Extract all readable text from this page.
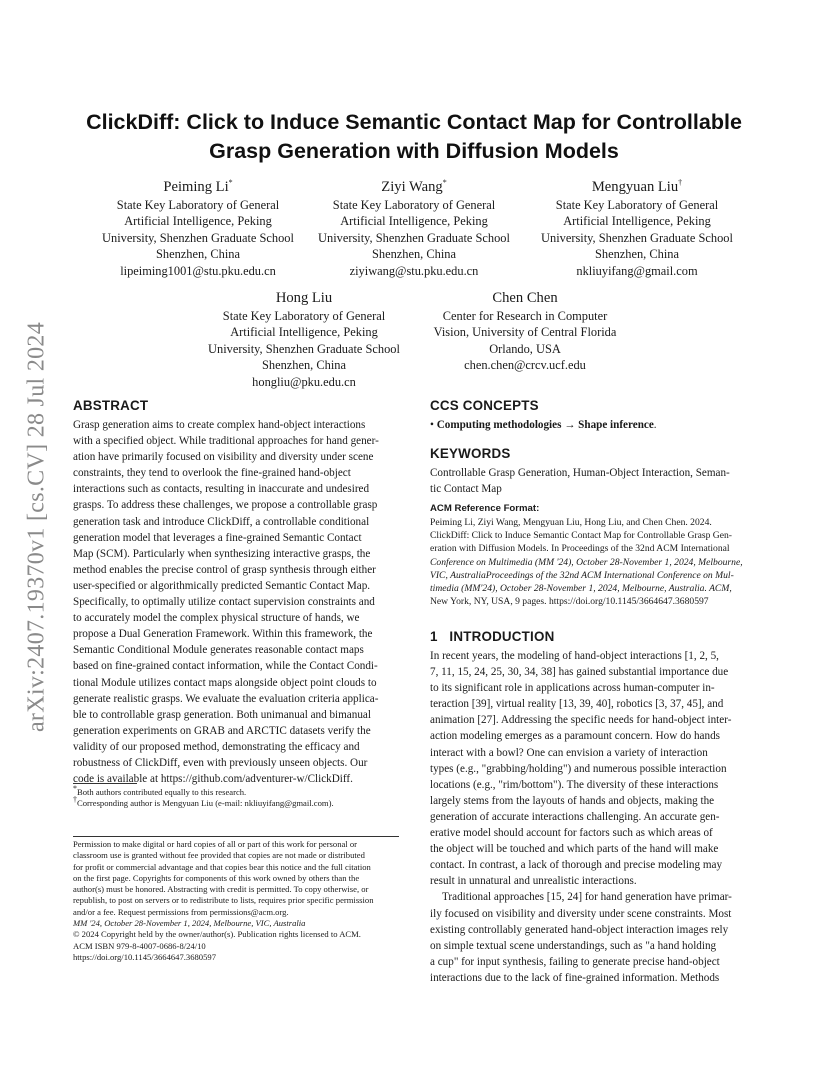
arXiv:2407.19370v1 [cs.CV] 28 Jul 2024
ClickDiff: Click to Induce Semantic Contact Map for Controllable
Grasp Generation with Diffusion Models
Peiming Li*
State Key Laboratory of General
Artificial Intelligence, Peking
University, Shenzhen Graduate School
Shenzhen, China
lipeiming1001@stu.pku.edu.cn
Ziyi Wang*
State Key Laboratory of General
Artificial Intelligence, Peking
University, Shenzhen Graduate School
Shenzhen, China
ziyiwang@stu.pku.edu.cn
Mengyuan Liu†
State Key Laboratory of General
Artificial Intelligence, Peking
University, Shenzhen Graduate School
Shenzhen, China
nkliuyifang@gmail.com
Hong Liu
State Key Laboratory of General
Artificial Intelligence, Peking
University, Shenzhen Graduate School
Shenzhen, China
hongliu@pku.edu.cn
Chen Chen
Center for Research in Computer
Vision, University of Central Florida
Orlando, USA
chen.chen@crcv.ucf.edu
ABSTRACT
Grasp generation aims to create complex hand-object interactions
with a specified object. While traditional approaches for hand gener-
ation have primarily focused on visibility and diversity under scene
constraints, they tend to overlook the fine-grained hand-object
interactions such as contacts, resulting in inaccurate and undesired
grasps. To address these challenges, we propose a controllable grasp
generation task and introduce ClickDiff, a controllable conditional
generation model that leverages a fine-grained Semantic Contact
Map (SCM). Particularly when synthesizing interactive grasps, the
method enables the precise control of grasp synthesis through either
user-specified or algorithmically predicted Semantic Contact Map.
Specifically, to optimally utilize contact supervision constraints and
to accurately model the complex physical structure of hands, we
propose a Dual Generation Framework. Within this framework, the
Semantic Conditional Module generates reasonable contact maps
based on fine-grained contact information, while the Contact Condi-
tional Module utilizes contact maps alongside object point clouds to
generate realistic grasps. We evaluate the evaluation criteria applica-
ble to controllable grasp generation. Both unimanual and bimanual
generation experiments on GRAB and ARCTIC datasets verify the
validity of our proposed method, demonstrating the efficacy and
robustness of ClickDiff, even with previously unseen objects. Our
code is available at https://github.com/adventurer-w/ClickDiff.
*Both authors contributed equally to this research.
†Corresponding author is Mengyuan Liu (e-mail: nkliuyifang@gmail.com).
Permission to make digital or hard copies of all or part of this work for personal or
classroom use is granted without fee provided that copies are not made or distributed
for profit or commercial advantage and that copies bear this notice and the full citation
on the first page. Copyrights for components of this work owned by others than the
author(s) must be honored. Abstracting with credit is permitted. To copy otherwise, or
republish, to post on servers or to redistribute to lists, requires prior specific permission
and/or a fee. Request permissions from permissions@acm.org.
MM '24, October 28-November 1, 2024, Melbourne, VIC, Australia
© 2024 Copyright held by the owner/author(s). Publication rights licensed to ACM.
ACM ISBN 979-8-4007-0686-8/24/10
https://doi.org/10.1145/3664647.3680597
CCS CONCEPTS
• Computing methodologies → Shape inference.
KEYWORDS
Controllable Grasp Generation, Human-Object Interaction, Seman-
tic Contact Map
ACM Reference Format:
Peiming Li, Ziyi Wang, Mengyuan Liu, Hong Liu, and Chen Chen. 2024.
ClickDiff: Click to Induce Semantic Contact Map for Controllable Grasp Gen-
eration with Diffusion Models. In Proceedings of the 32nd ACM International
Conference on Multimedia (MM '24), October 28-November 1, 2024, Melbourne,
VIC, AustraliaProceedings of the 32nd ACM International Conference on Mul-
timedia (MM'24), October 28-November 1, 2024, Melbourne, Australia. ACM,
New York, NY, USA, 9 pages. https://doi.org/10.1145/3664647.3680597
1   INTRODUCTION
In recent years, the modeling of hand-object interactions [1, 2, 5,
7, 11, 15, 24, 25, 30, 34, 38] has gained substantial importance due
to its significant role in applications across human-computer in-
teraction [39], virtual reality [13, 39, 40], robotics [3, 37, 45], and
animation [27]. Addressing the specific needs for hand-object inter-
action modeling emerges as a paramount concern. How do hands
interact with a bowl? One can envision a variety of interaction
types (e.g., "grabbing/holding") and numerous possible interaction
locations (e.g., "rim/bottom"). The diversity of these interactions
largely stems from the layouts of hands and objects, making the
generation of accurate interactions challenging. An accurate gen-
erative model should account for factors such as which areas of
the object will be touched and which parts of the hand will make
contact. In contrast, a lack of thorough and precise modeling may
result in unnatural and unrealistic interactions.
Traditional approaches [15, 24] for hand generation have primar-
ily focused on visibility and diversity under scene constraints. Most
existing controllably generated hand-object interaction images rely
on simple textual scene understandings, such as "a hand holding
a cup" for input synthesis, failing to generate precise hand-object
interactions due to the lack of fine-grained information. Methods
